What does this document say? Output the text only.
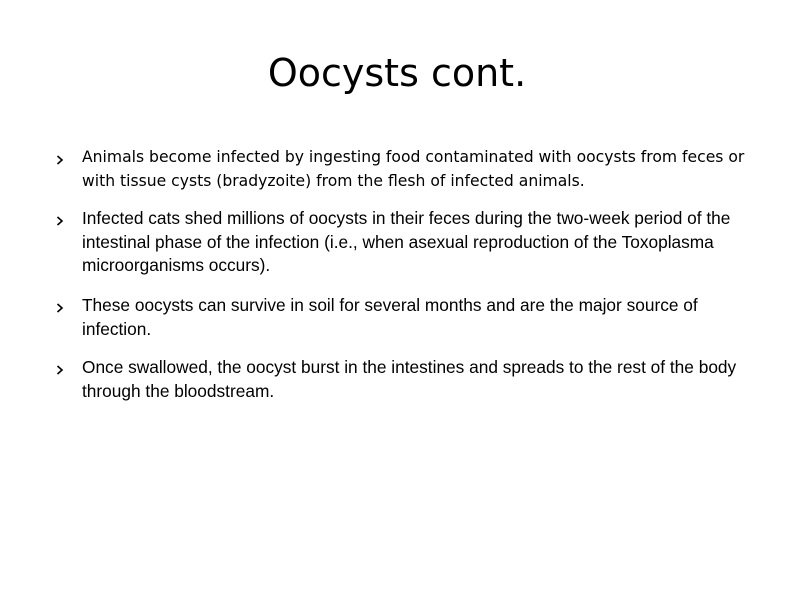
Oocysts cont.

Animals become infected by ingesting food contaminated with oocysts from feces or with tissue cysts (bradyzoite) from the flesh of infected animals.

Infected cats shed millions of oocysts in their feces during the two-week period of the intestinal phase of the infection (i.e., when asexual reproduction of the Toxoplasma microorganisms occurs).

These oocysts can survive in soil for several months and are the major source of infection.

Once swallowed, the oocyst burst in the intestines and spreads to the rest of the body through the bloodstream.
